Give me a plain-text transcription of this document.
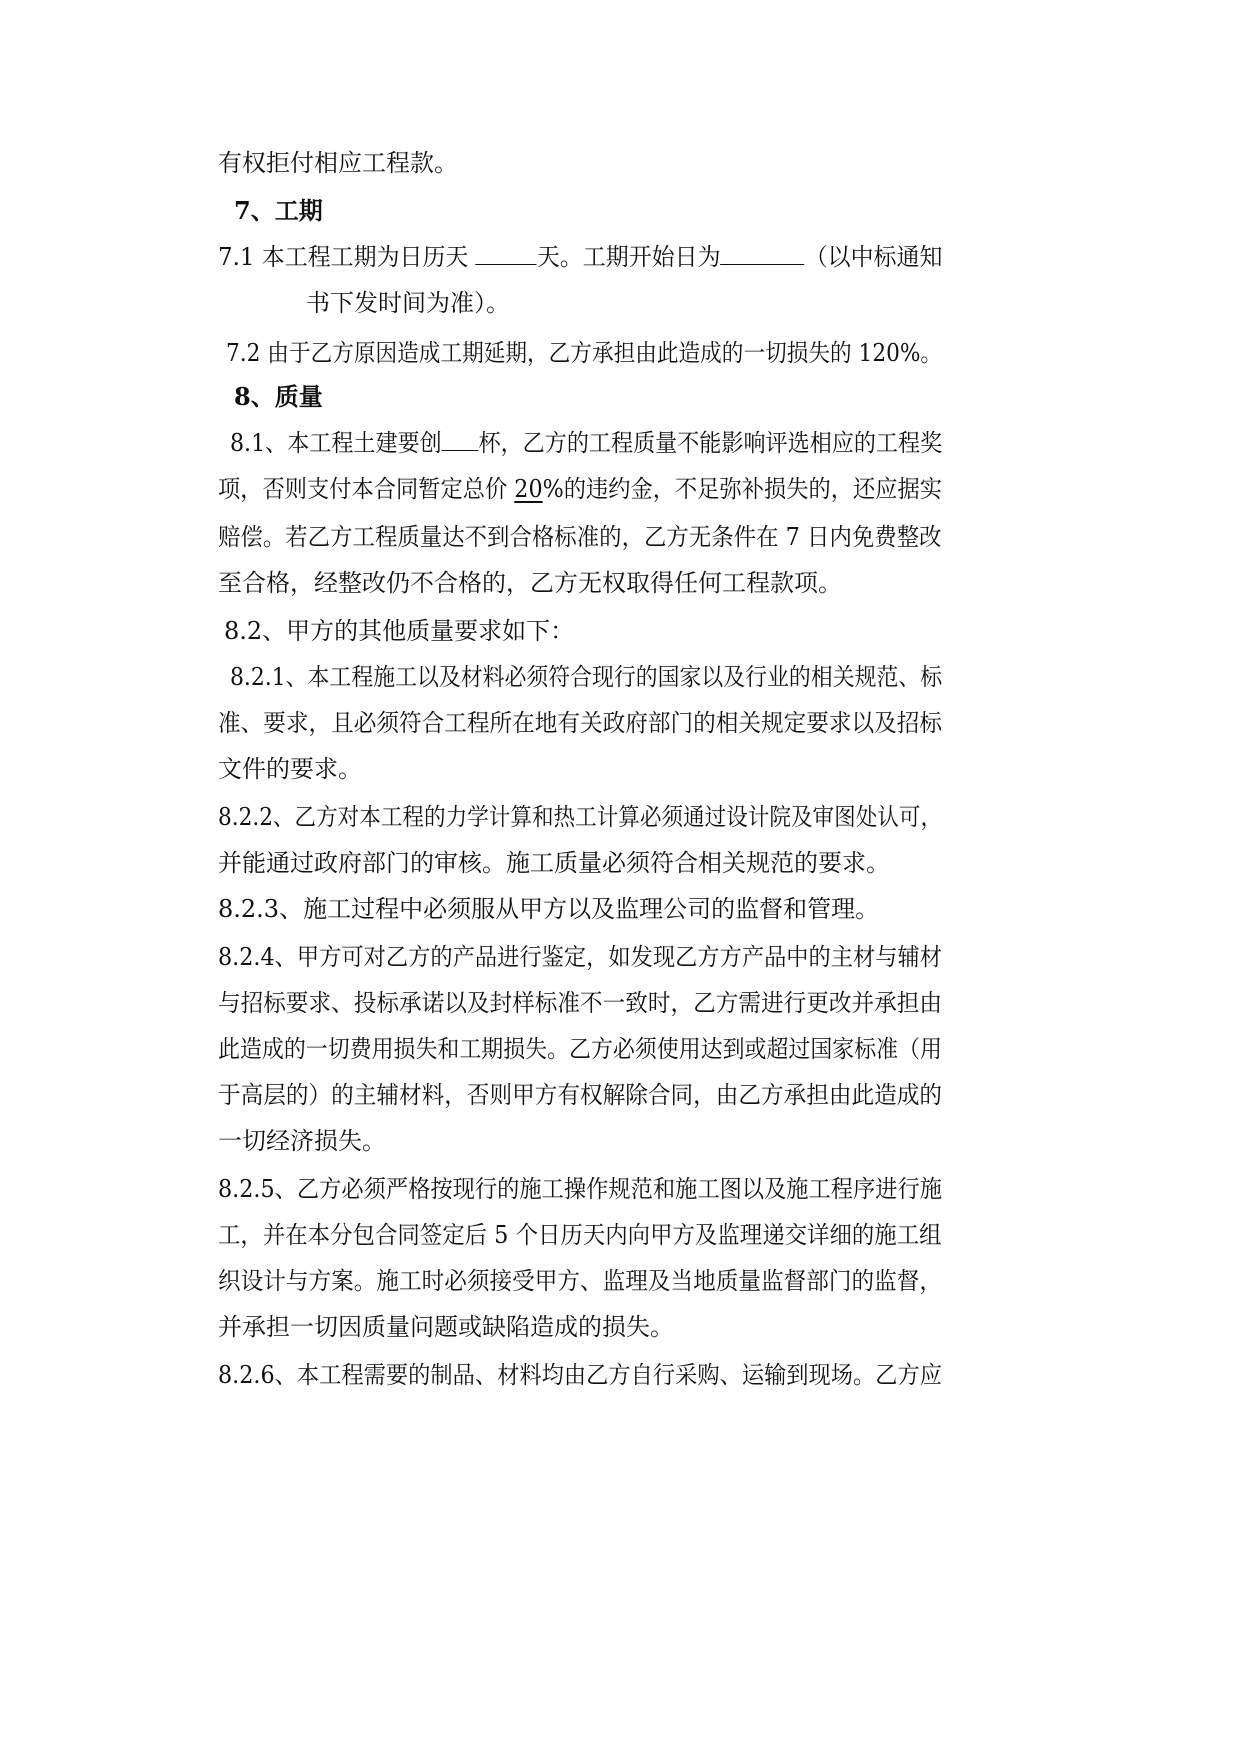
有权拒付相应工程款。
7、工期
7.1 本工程工期为日历天	天。工期开始日为	（以中标通知
书下发时间为准）。
7.2 由于乙方原因造成工期延期，乙方承担由此造成的一切损失的 120%。
8、质量
8.1、本工程土建要创 杯，乙方的工程质量不能影响评选相应的工程奖
项，否则支付本合同暂定总价 20%的违约金，不足弥补损失的，还应据实
赔偿。若乙方工程质量达不到合格标准的，乙方无条件在 7 日内免费整改
至合格，经整改仍不合格的，乙方无权取得任何工程款项。
8.2、甲方的其他质量要求如下：
8.2.1、本工程施工以及材料必须符合现行的国家以及行业的相关规范、标
准、要求，且必须符合工程所在地有关政府部门的相关规定要求以及招标
文件的要求。
8.2.2、乙方对本工程的力学计算和热工计算必须通过设计院及审图处认可，
并能通过政府部门的审核。施工质量必须符合相关规范的要求。
8.2.3、施工过程中必须服从甲方以及监理公司的监督和管理。
8.2.4、甲方可对乙方的产品进行鉴定，如发现乙方方产品中的主材与辅材
与招标要求、投标承诺以及封样标准不一致时，乙方需进行更改并承担由
此造成的一切费用损失和工期损失。乙方必须使用达到或超过国家标准（用
于高层的）的主辅材料，否则甲方有权解除合同，由乙方承担由此造成的
一切经济损失。
8.2.5、乙方必须严格按现行的施工操作规范和施工图以及施工程序进行施
工，并在本分包合同签定后 5 个日历天内向甲方及监理递交详细的施工组
织设计与方案。施工时必须接受甲方、监理及当地质量监督部门的监督，
并承担一切因质量问题或缺陷造成的损失。
8.2.6、本工程需要的制品、材料均由乙方自行采购、运输到现场。乙方应
